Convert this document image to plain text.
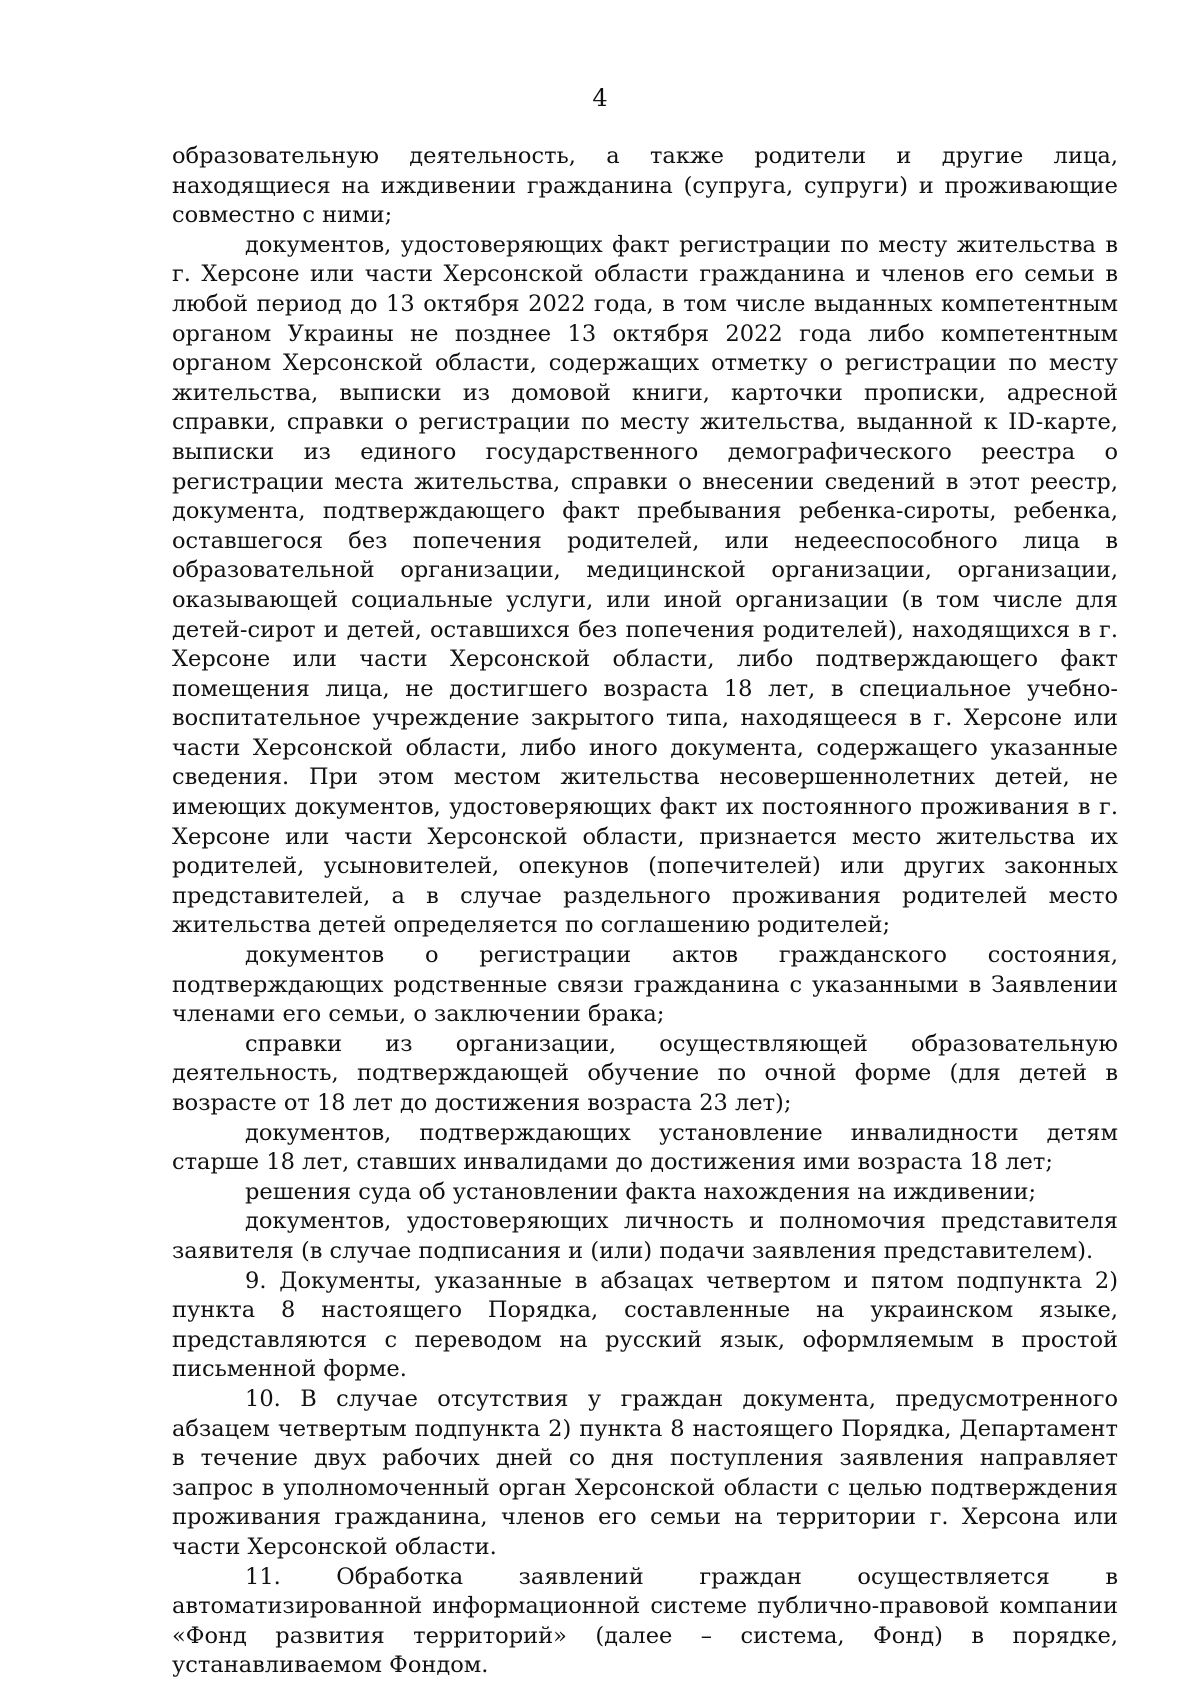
4

образовательную деятельность, а также родители и другие лица, находящиеся на иждивении гражданина (супруга, супруги) и проживающие совместно с ними;

документов, удостоверяющих факт регистрации по месту жительства в г. Херсоне или части Херсонской области гражданина и членов его семьи в любой период до 13 октября 2022 года, в том числе выданных компетентным органом Украины не позднее 13 октября 2022 года либо компетентным органом Херсонской области, содержащих отметку о регистрации по месту жительства, выписки из домовой книги, карточки прописки, адресной справки, справки о регистрации по месту жительства, выданной к ID-карте, выписки из единого государственного демографического реестра о регистрации места жительства, справки о внесении сведений в этот реестр, документа, подтверждающего факт пребывания ребенка-сироты, ребенка, оставшегося без попечения родителей, или недееспособного лица в образовательной организации, медицинской организации, организации, оказывающей социальные услуги, или иной организации (в том числе для детей-сирот и детей, оставшихся без попечения родителей), находящихся в г. Херсоне или части Херсонской области, либо подтверждающего факт помещения лица, не достигшего возраста 18 лет, в специальное учебно-воспитательное учреждение закрытого типа, находящееся в г. Херсоне или части Херсонской области, либо иного документа, содержащего указанные сведения. При этом местом жительства несовершеннолетних детей, не имеющих документов, удостоверяющих факт их постоянного проживания в г. Херсоне или части Херсонской области, признается место жительства их родителей, усыновителей, опекунов (попечителей) или других законных представителей, а в случае раздельного проживания родителей место жительства детей определяется по соглашению родителей;

документов о регистрации актов гражданского состояния, подтверждающих родственные связи гражданина с указанными в Заявлении членами его семьи, о заключении брака;

справки из организации, осуществляющей образовательную деятельность, подтверждающей обучение по очной форме (для детей в возрасте от 18 лет до достижения возраста 23 лет);

документов, подтверждающих установление инвалидности детям старше 18 лет, ставших инвалидами до достижения ими возраста 18 лет;

решения суда об установлении факта нахождения на иждивении;

документов, удостоверяющих личность и полномочия представителя заявителя (в случае подписания и (или) подачи заявления представителем).

9. Документы, указанные в абзацах четвертом и пятом подпункта 2) пункта 8 настоящего Порядка, составленные на украинском языке, представляются с переводом на русский язык, оформляемым в простой письменной форме.

10. В случае отсутствия у граждан документа, предусмотренного абзацем четвертым подпункта 2) пункта 8 настоящего Порядка, Департамент в течение двух рабочих дней со дня поступления заявления направляет запрос в уполномоченный орган Херсонской области с целью подтверждения проживания гражданина, членов его семьи на территории г. Херсона или части Херсонской области.

11. Обработка заявлений граждан осуществляется в автоматизированной информационной системе публично-правовой компании «Фонд развития территорий» (далее – система, Фонд) в порядке, устанавливаемом Фондом.
